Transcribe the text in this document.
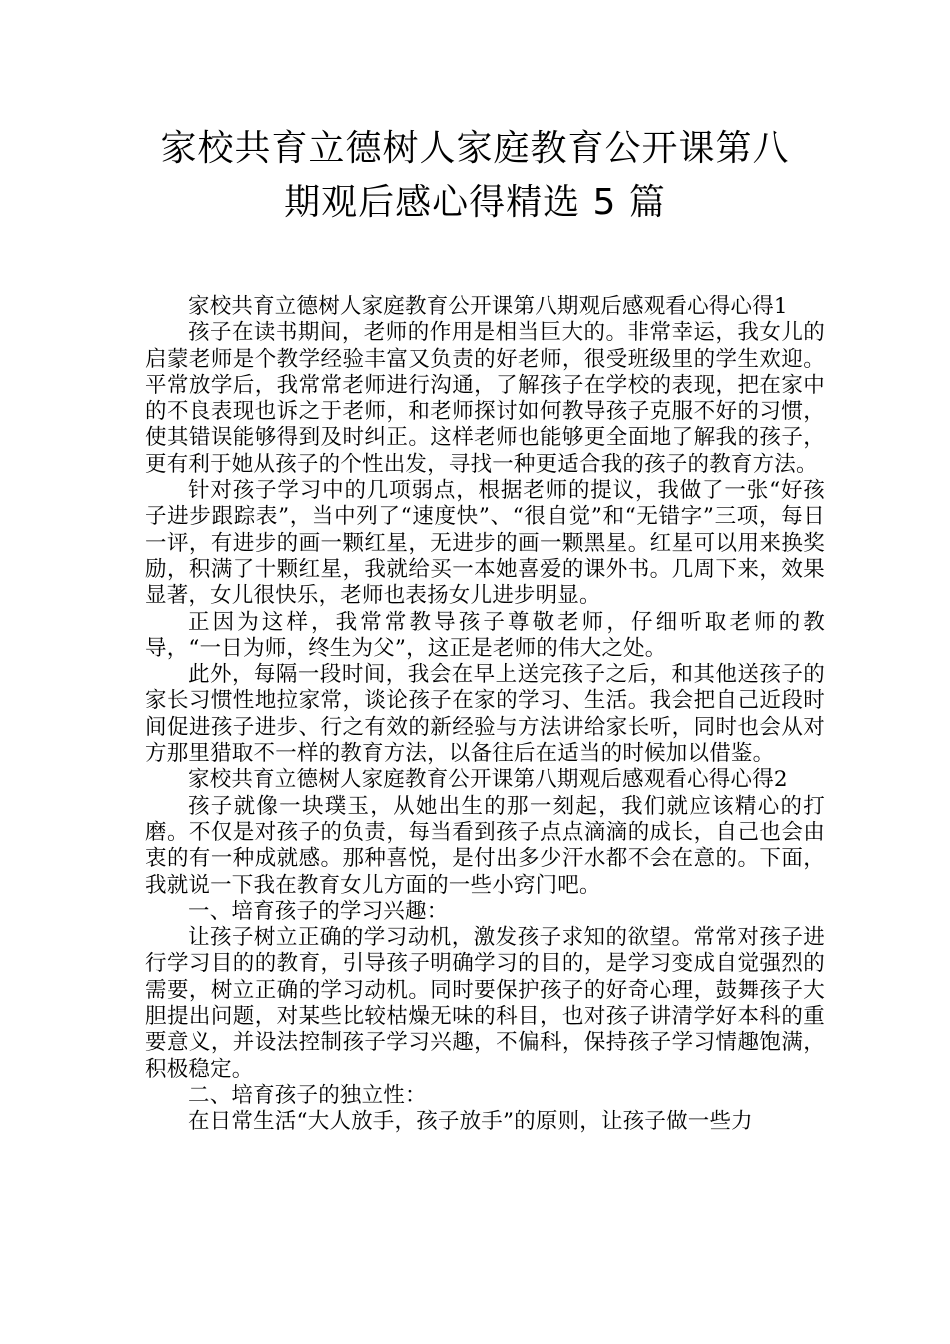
家校共育立德树人家庭教育公开课第八
期观后感心得精选 5 篇

家校共育立德树人家庭教育公开课第八期观后感观看心得心得1

孩子在读书期间，老师的作用是相当巨大的。非常幸运，我女儿的启蒙老师是个教学经验丰富又负责的好老师，很受班级里的学生欢迎。平常放学后，我常常老师进行沟通，了解孩子在学校的表现，把在家中的不良表现也诉之于老师，和老师探讨如何教导孩子克服不好的习惯，使其错误能够得到及时纠正。这样老师也能够更全面地了解我的孩子，更有利于她从孩子的个性出发，寻找一种更适合我的孩子的教育方法。

针对孩子学习中的几项弱点，根据老师的提议，我做了一张“好孩子进步跟踪表”，当中列了“速度快”、“很自觉”和“无错字”三项，每日一评，有进步的画一颗红星，无进步的画一颗黑星。红星可以用来换奖励，积满了十颗红星，我就给买一本她喜爱的课外书。几周下来，效果显著，女儿很快乐，老师也表扬女儿进步明显。

正因为这样，我常常教导孩子尊敬老师，仔细听取老师的教导，“一日为师，终生为父”，这正是老师的伟大之处。

此外，每隔一段时间，我会在早上送完孩子之后，和其他送孩子的家长习惯性地拉家常，谈论孩子在家的学习、生活。我会把自己近段时间促进孩子进步、行之有效的新经验与方法讲给家长听，同时也会从对方那里猎取不一样的教育方法，以备往后在适当的时候加以借鉴。

家校共育立德树人家庭教育公开课第八期观后感观看心得心得2

孩子就像一块璞玉，从她出生的那一刻起，我们就应该精心的打磨。不仅是对孩子的负责，每当看到孩子点点滴滴的成长，自己也会由衷的有一种成就感。那种喜悦，是付出多少汗水都不会在意的。下面，我就说一下我在教育女儿方面的一些小窍门吧。

一、培育孩子的学习兴趣：

让孩子树立正确的学习动机，激发孩子求知的欲望。常常对孩子进行学习目的的教育，引导孩子明确学习的目的，是学习变成自觉强烈的需要，树立正确的学习动机。同时要保护孩子的好奇心理，鼓舞孩子大胆提出问题，对某些比较枯燥无味的科目，也对孩子讲清学好本科的重要意义，并设法控制孩子学习兴趣，不偏科，保持孩子学习情趣饱满，积极稳定。

二、培育孩子的独立性：

在日常生活“大人放手，孩子放手”的原则，让孩子做一些力
